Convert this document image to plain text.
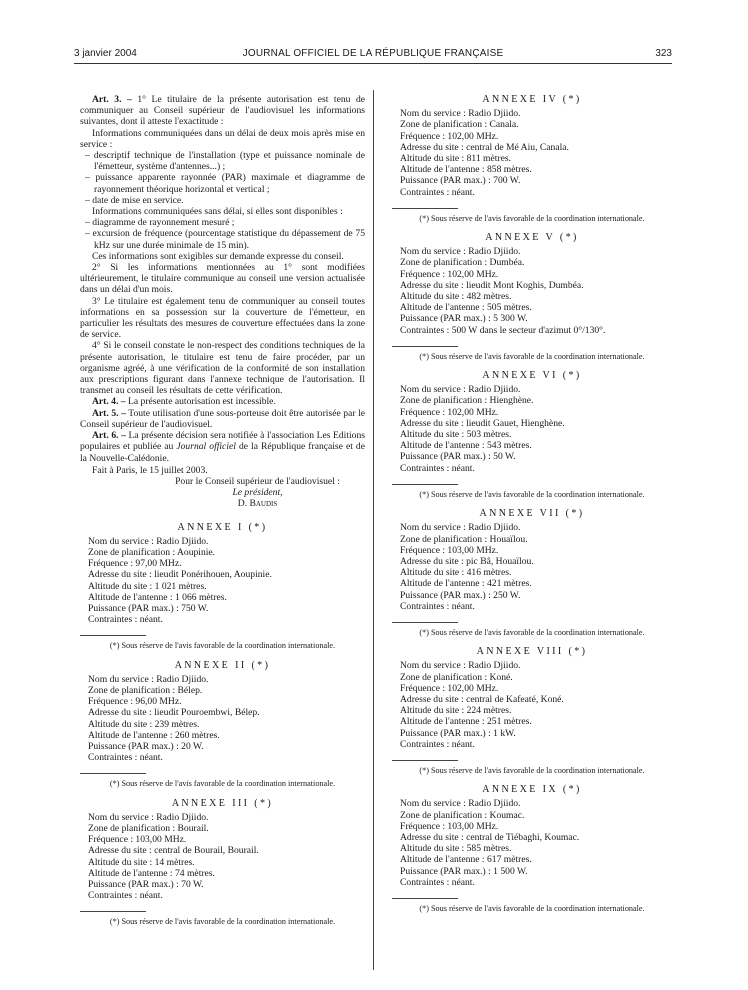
3 janvier 2004	JOURNAL OFFICIEL DE LA RÉPUBLIQUE FRANÇAISE	323

Art. 3. – 1° Le titulaire de la présente autorisation est tenu de communiquer au Conseil supérieur de l'audiovisuel les informations suivantes, dont il atteste l'exactitude :

Informations communiquées dans un délai de deux mois après mise en service :

– descriptif technique de l'installation (type et puissance nominale de l'émetteur, système d'antennes...) ;

– puissance apparente rayonnée (PAR) maximale et diagramme de rayonnement théorique horizontal et vertical ;

– date de mise en service.

Informations communiquées sans délai, si elles sont disponibles :

– diagramme de rayonnement mesuré ;

– excursion de fréquence (pourcentage statistique du dépassement de 75 kHz sur une durée minimale de 15 min).

Ces informations sont exigibles sur demande expresse du conseil.

2° Si les informations mentionnées au 1° sont modifiées ultérieurement, le titulaire communique au conseil une version actualisée dans un délai d'un mois.

3° Le titulaire est également tenu de communiquer au conseil toutes informations en sa possession sur la couverture de l'émetteur, en particulier les résultats des mesures de couverture effectuées dans la zone de service.

4° Si le conseil constate le non-respect des conditions techniques de la présente autorisation, le titulaire est tenu de faire procéder, par un organisme agréé, à une vérification de la conformité de son installation aux prescriptions figurant dans l'annexe technique de l'autorisation. Il transmet au conseil les résultats de cette vérification.

Art. 4. – La présente autorisation est incessible.

Art. 5. – Toute utilisation d'une sous-porteuse doit être autorisée par le Conseil supérieur de l'audiovisuel.

Art. 6. – La présente décision sera notifiée à l'association Les Editions populaires et publiée au Journal officiel de la République française et de la Nouvelle-Calédonie.

Fait à Paris, le 15 juillet 2003.

Pour le Conseil supérieur de l'audiovisuel :

Le président,

D. Baudis

ANNEXE I (*)

Nom du service : Radio Djiido.

Zone de planification : Aoupinie.

Fréquence : 97,00 MHz.

Adresse du site : lieudit Ponérihouen, Aoupinie.

Altitude du site : 1 021 mètres.

Altitude de l'antenne : 1 066 mètres.

Puissance (PAR max.) : 750 W.

Contraintes : néant.

(*) Sous réserve de l'avis favorable de la coordination internationale.

ANNEXE II (*)

Nom du service : Radio Djiido.

Zone de planification : Bélep.

Fréquence : 96,00 MHz.

Adresse du site : lieudit Pouroembwi, Bélep.

Altitude du site : 239 mètres.

Altitude de l'antenne : 260 mètres.

Puissance (PAR max.) : 20 W.

Contraintes : néant.

(*) Sous réserve de l'avis favorable de la coordination internationale.

ANNEXE III (*)

Nom du service : Radio Djiido.

Zone de planification : Bourail.

Fréquence : 103,00 MHz.

Adresse du site : central de Bourail, Bourail.

Altitude du site : 14 mètres.

Altitude de l'antenne : 74 mètres.

Puissance (PAR max.) : 70 W.

Contraintes : néant.

(*) Sous réserve de l'avis favorable de la coordination internationale.

ANNEXE IV (*)

Nom du service : Radio Djiido.

Zone de planification : Canala.

Fréquence : 102,00 MHz.

Adresse du site : central de Mé Aiu, Canala.

Altitude du site : 811 mètres.

Altitude de l'antenne : 858 mètres.

Puissance (PAR max.) : 700 W.

Contraintes : néant.

(*) Sous réserve de l'avis favorable de la coordination internationale.

ANNEXE V (*)

Nom du service : Radio Djiido.

Zone de planification : Dumbéa.

Fréquence : 102,00 MHz.

Adresse du site : lieudit Mont Koghis, Dumbéa.

Altitude du site : 482 mètres.

Altitude de l'antenne : 505 mètres.

Puissance (PAR max.) : 5 300 W.

Contraintes : 500 W dans le secteur d'azimut 0°/130°.

(*) Sous réserve de l'avis favorable de la coordination internationale.

ANNEXE VI (*)

Nom du service : Radio Djiido.

Zone de planification : Hienghène.

Fréquence : 102,00 MHz.

Adresse du site : lieudit Gauet, Hienghène.

Altitude du site : 503 mètres.

Altitude de l'antenne : 543 mètres.

Puissance (PAR max.) : 50 W.

Contraintes : néant.

(*) Sous réserve de l'avis favorable de la coordination internationale.

ANNEXE VII (*)

Nom du service : Radio Djiido.

Zone de planification : Houaïlou.

Fréquence : 103,00 MHz.

Adresse du site : pic Bâ, Houaïlou.

Altitude du site : 416 mètres.

Altitude de l'antenne : 421 mètres.

Puissance (PAR max.) : 250 W.

Contraintes : néant.

(*) Sous réserve de l'avis favorable de la coordination internationale.

ANNEXE VIII (*)

Nom du service : Radio Djiido.

Zone de planification : Koné.

Fréquence : 102,00 MHz.

Adresse du site : central de Kafeaté, Koné.

Altitude du site : 224 mètres.

Altitude de l'antenne : 251 mètres.

Puissance (PAR max.) : 1 kW.

Contraintes : néant.

(*) Sous réserve de l'avis favorable de la coordination internationale.

ANNEXE IX (*)

Nom du service : Radio Djiido.

Zone de planification : Koumac.

Fréquence : 103,00 MHz.

Adresse du site : central de Tiébaghi, Koumac.

Altitude du site : 585 mètres.

Altitude de l'antenne : 617 mètres.

Puissance (PAR max.) : 1 500 W.

Contraintes : néant.

(*) Sous réserve de l'avis favorable de la coordination internationale.
